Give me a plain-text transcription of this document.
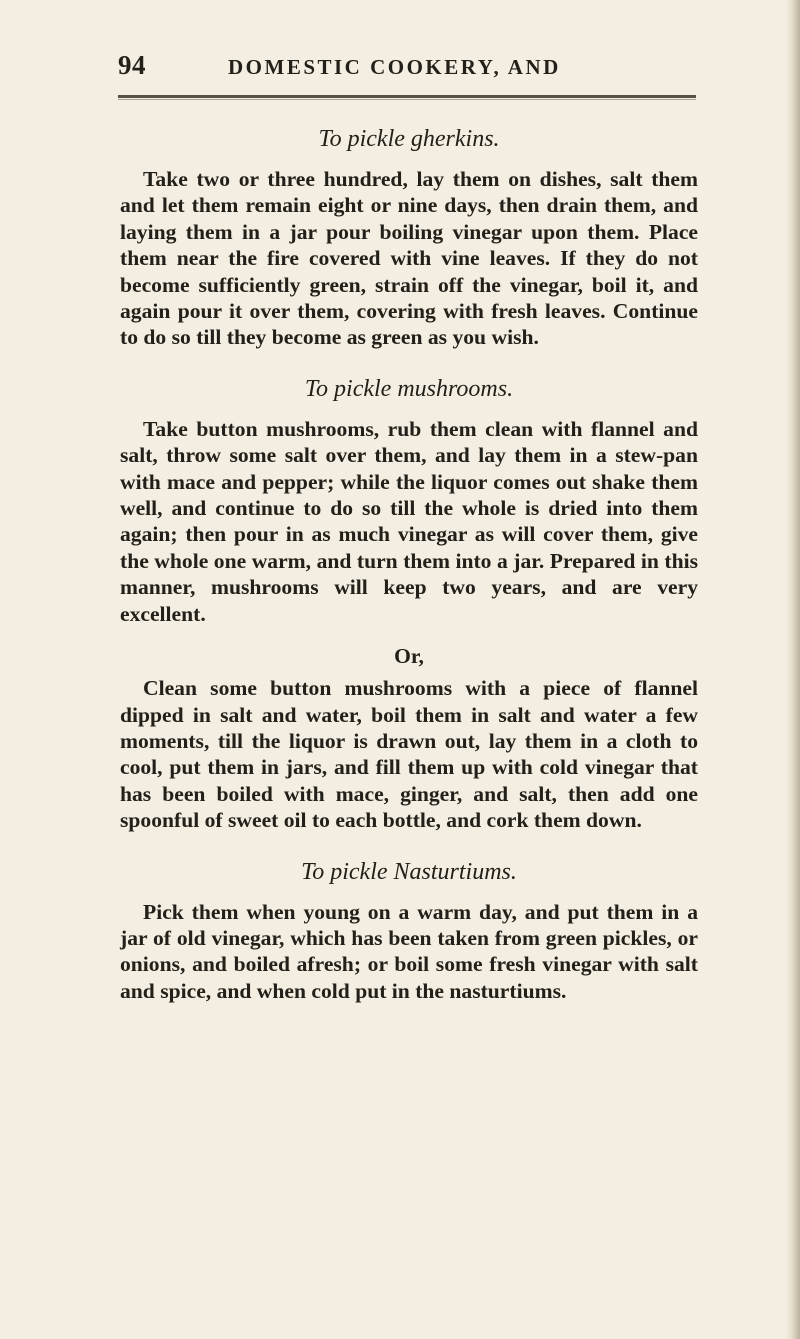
94	DOMESTIC COOKERY, AND
To pickle gherkins.

Take two or three hundred, lay them on dishes, salt them and let them remain eight or nine days, then drain them, and laying them in a jar pour boiling vinegar upon them. Place them near the fire covered with vine leaves. If they do not become sufficiently green, strain off the vinegar, boil it, and again pour it over them, covering with fresh leaves. Continue to do so till they become as green as you wish.

To pickle mushrooms.

Take button mushrooms, rub them clean with flannel and salt, throw some salt over them, and lay them in a stew-pan with mace and pepper; while the liquor comes out shake them well, and continue to do so till the whole is dried into them again; then pour in as much vinegar as will cover them, give the whole one warm, and turn them into a jar. Prepared in this manner, mushrooms will keep two years, and are very excellent.

Or,

Clean some button mushrooms with a piece of flannel dipped in salt and water, boil them in salt and water a few moments, till the liquor is drawn out, lay them in a cloth to cool, put them in jars, and fill them up with cold vinegar that has been boiled with mace, ginger, and salt, then add one spoonful of sweet oil to each bottle, and cork them down.

To pickle Nasturtiums.

Pick them when young on a warm day, and put them in a jar of old vinegar, which has been taken from green pickles, or onions, and boiled afresh; or boil some fresh vinegar with salt and spice, and when cold put in the nasturtiums.
